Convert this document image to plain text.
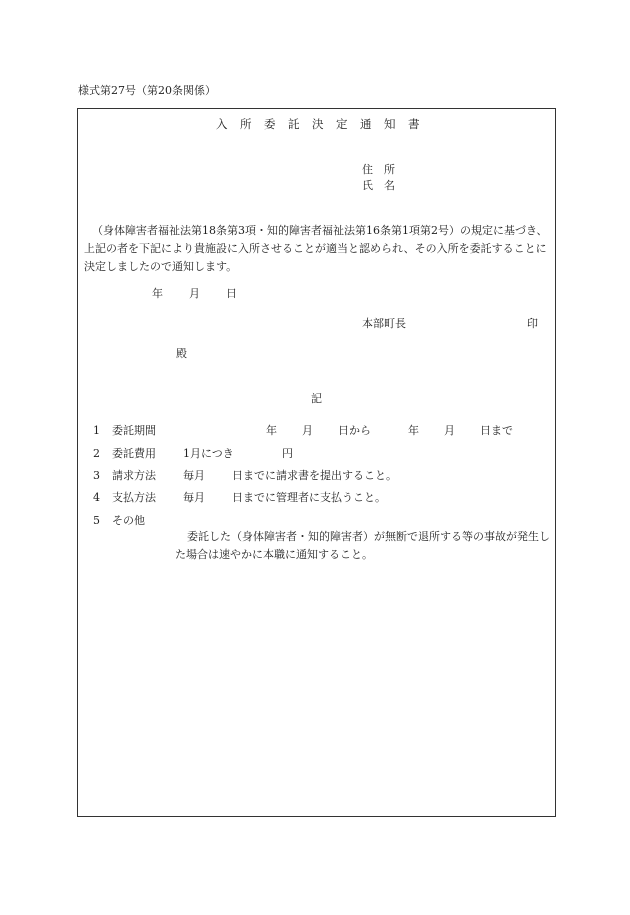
様式第27号（第20条関係）
入所委託決定通知書
住　所
氏　名
（身体障害者福祉法第18条第3項・知的障害者福祉法第16条第1項第2号）の規定に基づき、上記の者を下記により貴施設に入所させることが適当と認められ、その入所を委託することに決定しましたので通知します。
年 月 日
本部町長	印
殿
記
1 委託期間	年 月 日から	年 月 日まで
2 委託費用 1月につき	円
3 請求方法 毎月 日までに請求書を提出すること。
4 支払方法 毎月 日までに管理者に支払うこと。
5 その他
委託した（身体障害者・知的障害者）が無断で退所する等の事故が発生した場合は速やかに本職に通知すること。
